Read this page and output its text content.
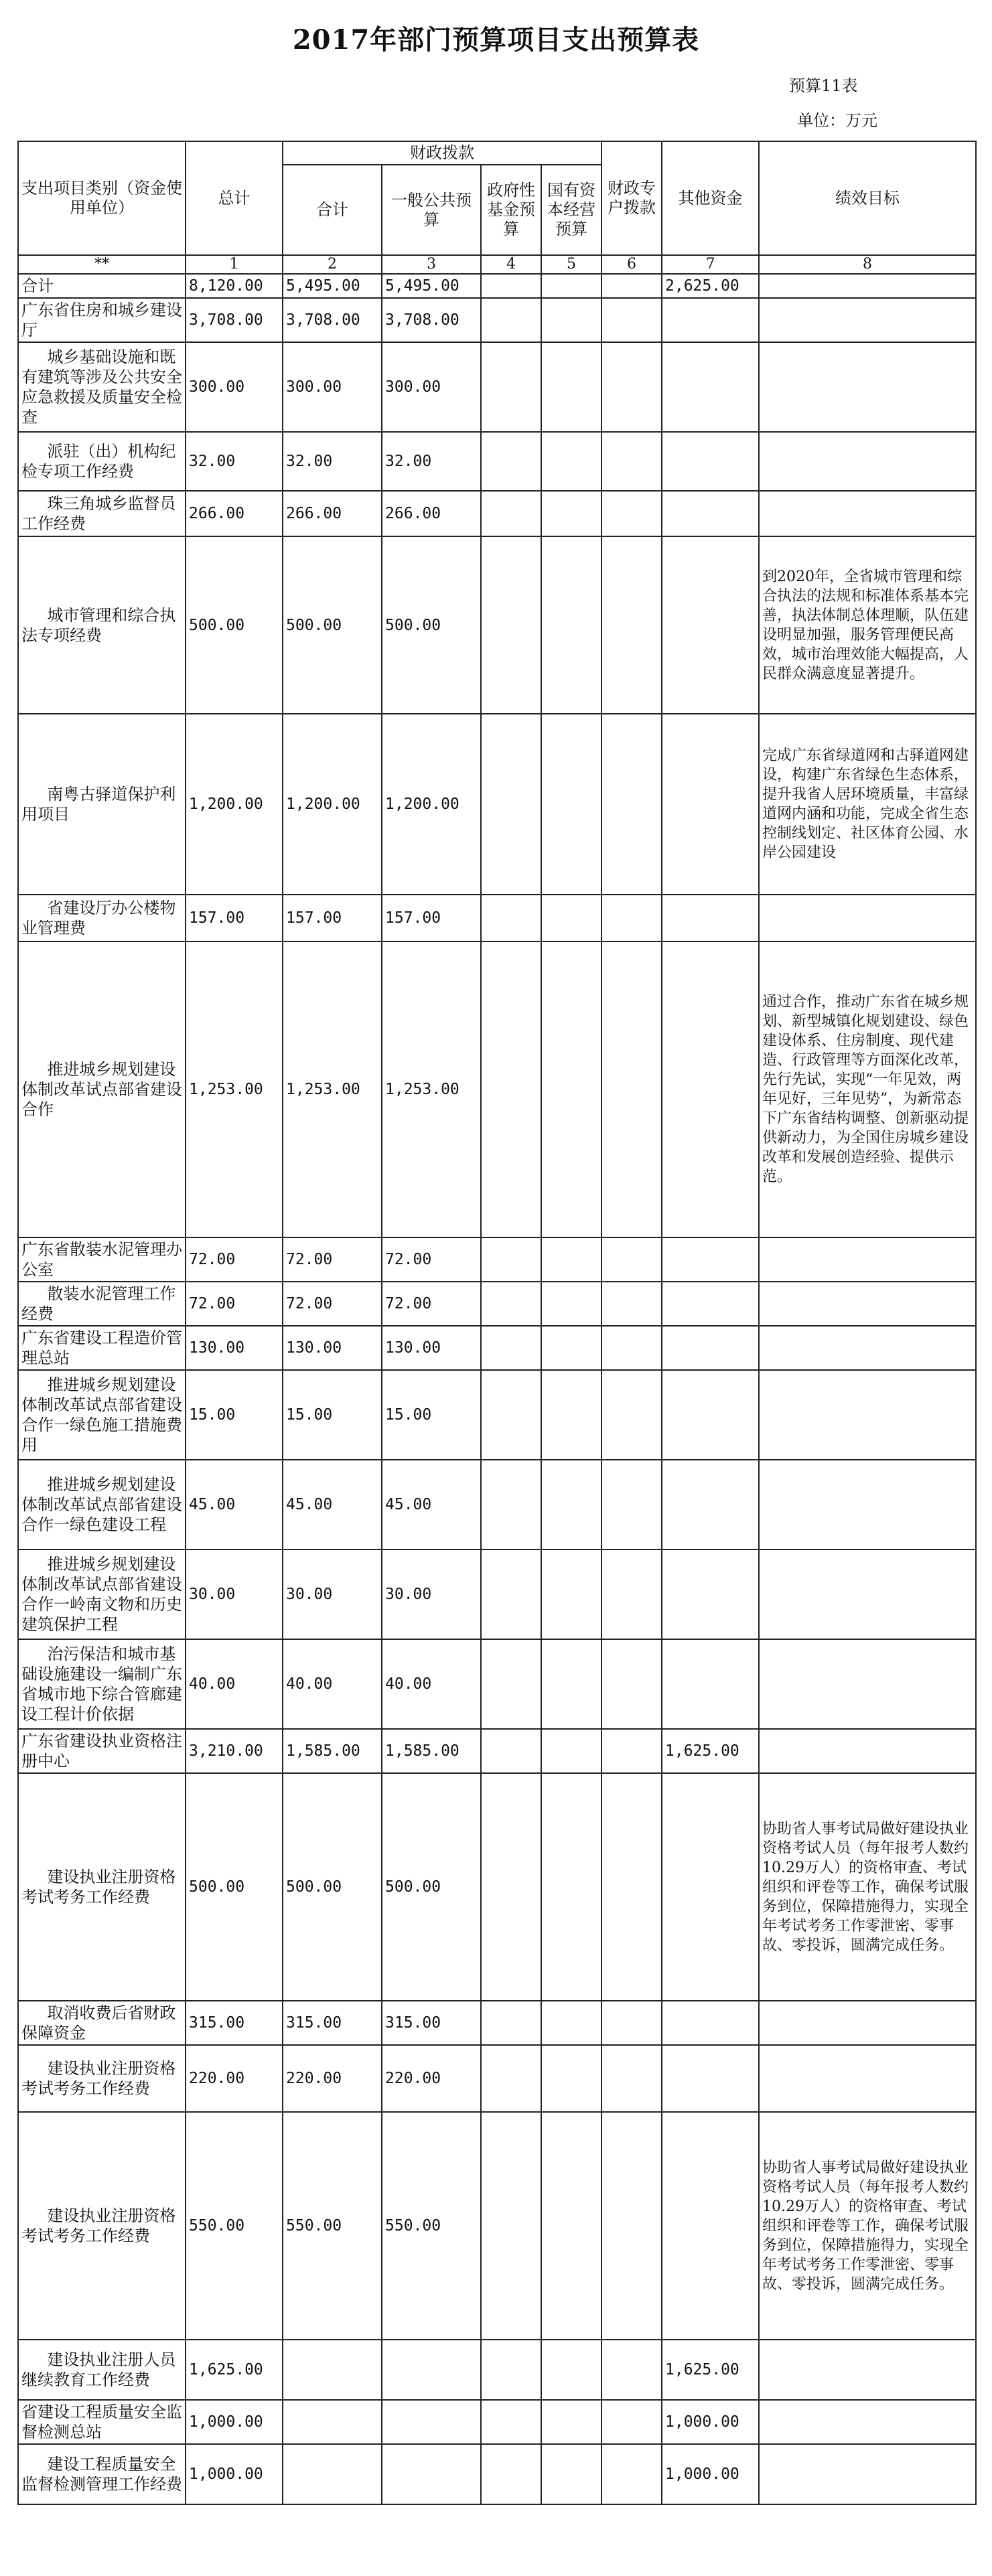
2017年部门预算项目支出预算表
预算11表
单位：万元
支出项目类别（资金使用单位）	总计	财政拨款				财政专户拨款	其他资金	绩效目标
		合计	一般公共预算	政府性基金预算	国有资本经营预算			
**	1	2	3	4	5	6	7	8
合计	8,120.00	5,495.00	5,495.00				2,625.00	
广东省住房和城乡建设厅	3,708.00	3,708.00	3,708.00					
城乡基础设施和既有建筑等涉及公共安全应急救援及质量安全检查	300.00	300.00	300.00					
派驻（出）机构纪检专项工作经费	32.00	32.00	32.00					
珠三角城乡监督员工作经费	266.00	266.00	266.00					
城市管理和综合执法专项经费	500.00	500.00	500.00					到2020年，全省城市管理和综合执法的法规和标准体系基本完善，执法体制总体理顺，队伍建设明显加强，服务管理便民高效，城市治理效能大幅提高，人民群众满意度显著提升。
南粤古驿道保护利用项目	1,200.00	1,200.00	1,200.00					完成广东省绿道网和古驿道网建设，构建广东省绿色生态体系，提升我省人居环境质量，丰富绿道网内涵和功能，完成全省生态控制线划定、社区体育公园、水岸公园建设
省建设厅办公楼物业管理费	157.00	157.00	157.00					
推进城乡规划建设体制改革试点部省建设合作	1,253.00	1,253.00	1,253.00					通过合作，推动广东省在城乡规划、新型城镇化规划建设、绿色建设体系、住房制度、现代建造、行政管理等方面深化改革，先行先试，实现“一年见效，两年见好，三年见势”，为新常态下广东省结构调整、创新驱动提供新动力，为全国住房城乡建设改革和发展创造经验、提供示范。
广东省散装水泥管理办公室	72.00	72.00	72.00					
散装水泥管理工作经费	72.00	72.00	72.00					
广东省建设工程造价管理总站	130.00	130.00	130.00					
推进城乡规划建设体制改革试点部省建设合作一绿色施工措施费用	15.00	15.00	15.00					
推进城乡规划建设体制改革试点部省建设合作一绿色建设工程	45.00	45.00	45.00					
推进城乡规划建设体制改革试点部省建设合作一岭南文物和历史建筑保护工程	30.00	30.00	30.00					
治污保洁和城市基础设施建设一编制广东省城市地下综合管廊建设工程计价依据	40.00	40.00	40.00					
广东省建设执业资格注册中心	3,210.00	1,585.00	1,585.00				1,625.00	
建设执业注册资格考试考务工作经费	500.00	500.00	500.00					协助省人事考试局做好建设执业资格考试人员（每年报考人数约10.29万人）的资格审查、考试组织和评卷等工作，确保考试服务到位，保障措施得力，实现全年考试考务工作零泄密、零事故、零投诉，圆满完成任务。
取消收费后省财政保障资金	315.00	315.00	315.00					
建设执业注册资格考试考务工作经费	220.00	220.00	220.00					
建设执业注册资格考试考务工作经费	550.00	550.00	550.00					协助省人事考试局做好建设执业资格考试人员（每年报考人数约10.29万人）的资格审查、考试组织和评卷等工作，确保考试服务到位，保障措施得力，实现全年考试考务工作零泄密、零事故、零投诉，圆满完成任务。
建设执业注册人员继续教育工作经费	1,625.00						1,625.00	
省建设工程质量安全监督检测总站	1,000.00						1,000.00	
建设工程质量安全监督检测管理工作经费	1,000.00						1,000.00	
